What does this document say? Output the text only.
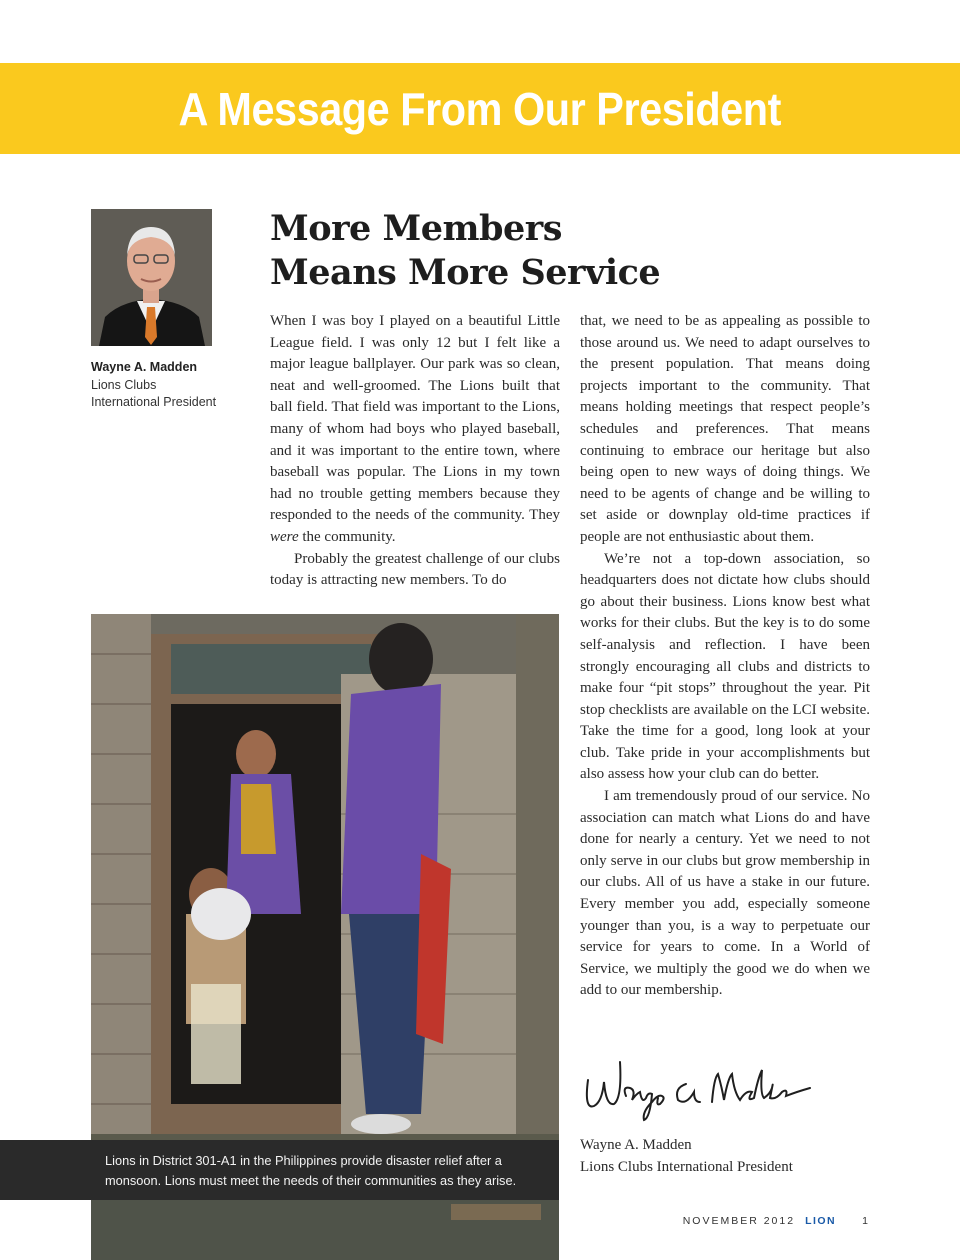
A Message From Our President
Wayne A. Madden
Lions Clubs
International President
More Members
Means More Service

When I was boy I played on a beautiful Little League field. I was only 12 but I felt like a major league ballplayer. Our park was so clean, neat and well-groomed. The Lions built that ball field. That field was important to the Lions, many of whom had boys who played baseball, and it was important to the entire town, where baseball was popular. The Lions in my town had no trouble getting members because they responded to the needs of the community. They were the community.

Probably the greatest challenge of our clubs today is attracting new members. To do

that, we need to be as appealing as possible to those around us. We need to adapt ourselves to the present population. That means doing projects important to the community. That means holding meetings that respect people’s schedules and preferences. That means continuing to embrace our heritage but also being open to new ways of doing things. We need to be agents of change and be willing to set aside or downplay old-time practices if people are not enthusiastic about them.

We’re not a top-down association, so headquarters does not dictate how clubs should go about their business. Lions know best what works for their clubs. But the key is to do some self-analysis and reflection. I have been strongly encouraging all clubs and districts to make four “pit stops” throughout the year. Pit stop checklists are available on the LCI website. Take the time for a good, long look at your club. Take pride in your accomplishments but also assess how your club can do better.

I am tremendously proud of our service. No association can match what Lions do and have done for nearly a century. Yet we need to not only serve in our clubs but grow membership in our clubs. All of us have a stake in our future. Every member you add, especially someone younger than you, is a way to perpetuate our service for years to come. In a World of Service, we multiply the good we do when we add to our membership.

Lions in District 301-A1 in the Philippines provide disaster relief after a
monsoon. Lions must meet the needs of their communities as they arise.
Wayne A. Madden
Lions Clubs International President
NOVEMBER 2012 LION 1
